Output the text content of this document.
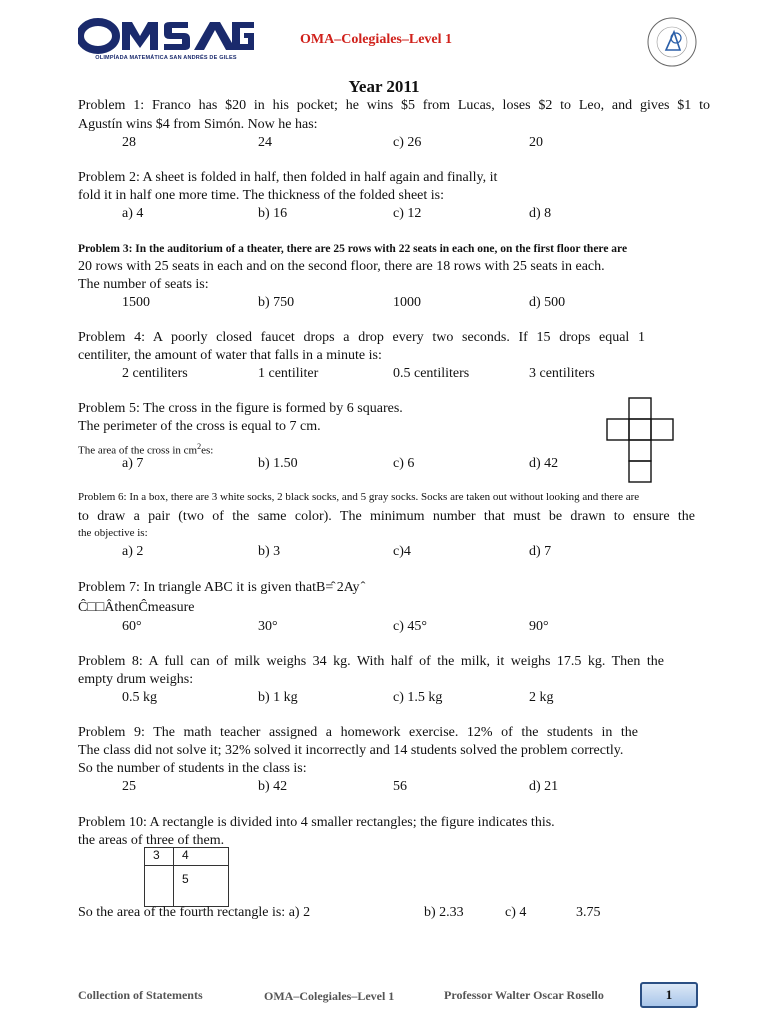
OLIMPÍADA MATEMÁTICA SAN ANDRÉS DE GILES
OMA–Colegiales–Level 1
Year 2011
Problem 1: Franco has $20 in his pocket; he wins $5 from Lucas, loses $2 to Leo, and gives $1 to
Agustín wins $4 from Simón. Now he has:
28	24	c) 26	20
Problem 2: A sheet is folded in half, then folded in half again and finally, it
fold it in half one more time. The thickness of the folded sheet is:
a) 4	b) 16	c) 12	d) 8
Problem 3: In the auditorium of a theater, there are 25 rows with 22 seats in each one, on the first floor there are
20 rows with 25 seats in each and on the second floor, there are 18 rows with 25 seats in each.
The number of seats is:
1500	b) 750	1000	d) 500
Problem 4: A poorly closed faucet drops a drop every two seconds. If 15 drops equal 1
centiliter, the amount of water that falls in a minute is:
2 centiliters	1 centiliter	0.5 centiliters	3 centiliters
Problem 5: The cross in the figure is formed by 6 squares.
The perimeter of the cross is equal to 7 cm.
The area of the cross in $cm^2es$:
a) 7	b) 1.50	c) 6	d) 42
Problem 6: In a box, there are 3 white socks, 2 black socks, and 5 gray socks. Socks are taken out without looking and there are
to draw a pair (two of the same color). The minimum number that must be drawn to ensure the
the objective is:
a) 2	b) 3	c)4	d) 7
Problem 7: In triangle ABC it is given thatB=̂ 2Ay ̂
Ĉ□□ÂthenĈmeasure
60°	30°	c) 45°	90°
Problem 8: A full can of milk weighs 34 kg. With half of the milk, it weighs 17.5 kg. Then the
empty drum weighs:
0.5 kg	b) 1 kg	c) 1.5 kg	2 kg
Problem 9: The math teacher assigned a homework exercise. 12% of the students in the
The class did not solve it; 32% solved it incorrectly and 14 students solved the problem correctly.
So the number of students in the class is:
25	b) 42	56	d) 21
Problem 10: A rectangle is divided into 4 smaller rectangles; the figure indicates this.
the areas of three of them.
3	4
	5
So the area of the fourth rectangle is: a) 2	b) 2.33	c) 4	3.75
Collection of Statements	OMA–Colegiales–Level 1	Professor Walter Oscar Rosello	1
